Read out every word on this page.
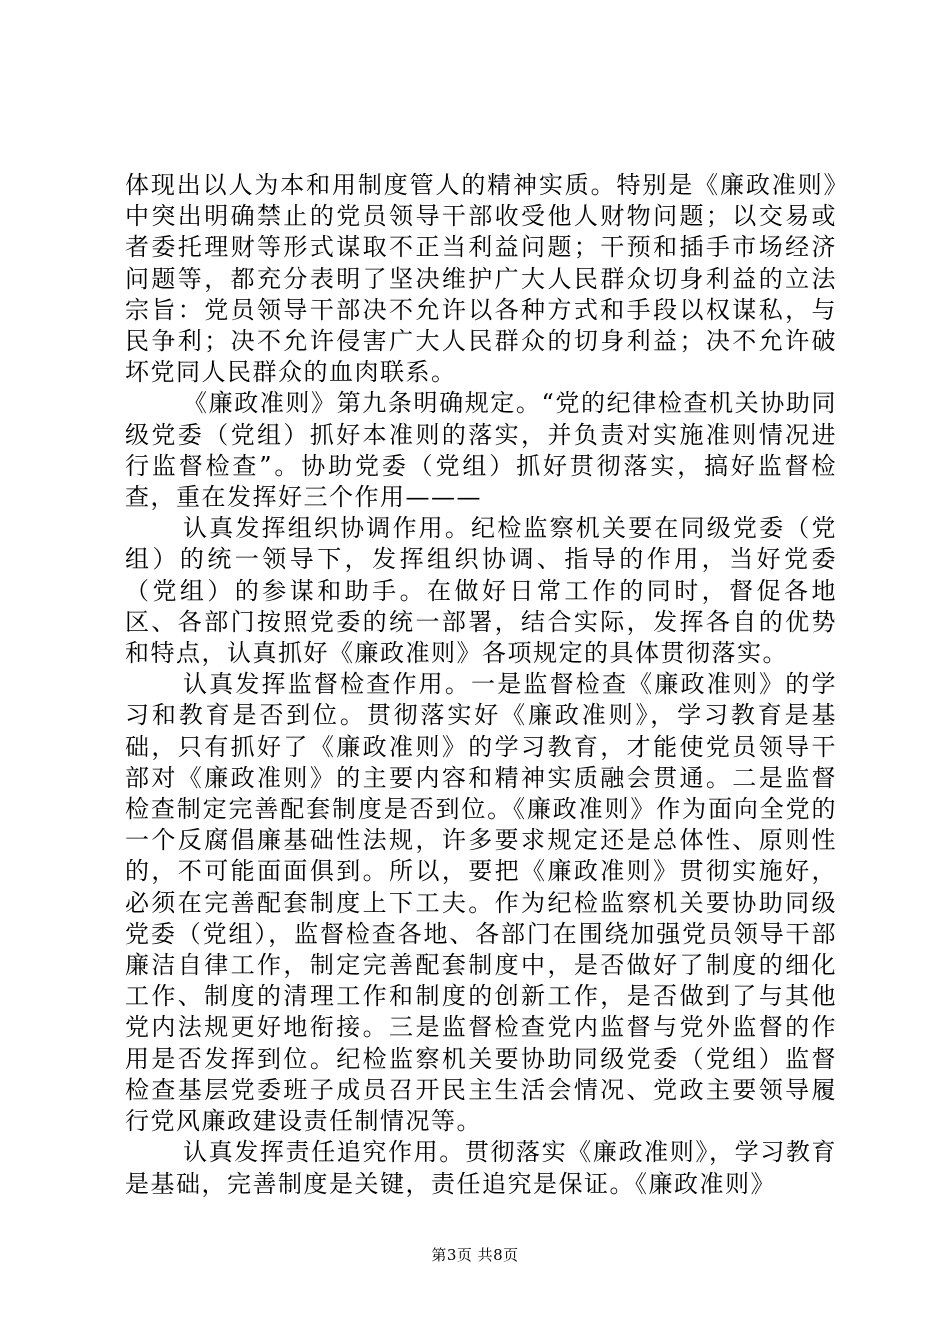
体现出以人为本和用制度管人的精神实质。特别是《廉政准则》中突出明确禁止的党员领导干部收受他人财物问题；以交易或者委托理财等形式谋取不正当利益问题；干预和插手市场经济问题等，都充分表明了坚决维护广大人民群众切身利益的立法宗旨：党员领导干部决不允许以各种方式和手段以权谋私，与民争利；决不允许侵害广大人民群众的切身利益；决不允许破坏党同人民群众的血肉联系。

《廉政准则》第九条明确规定。“党的纪律检查机关协助同级党委（党组）抓好本准则的落实，并负责对实施准则情况进行监督检查”。协助党委（党组）抓好贯彻落实，搞好监督检查，重在发挥好三个作用———

认真发挥组织协调作用。纪检监察机关要在同级党委（党组）的统一领导下，发挥组织协调、指导的作用，当好党委（党组）的参谋和助手。在做好日常工作的同时，督促各地区、各部门按照党委的统一部署，结合实际，发挥各自的优势和特点，认真抓好《廉政准则》各项规定的具体贯彻落实。

认真发挥监督检查作用。一是监督检查《廉政准则》的学习和教育是否到位。贯彻落实好《廉政准则》，学习教育是基础，只有抓好了《廉政准则》的学习教育，才能使党员领导干部对《廉政准则》的主要内容和精神实质融会贯通。二是监督检查制定完善配套制度是否到位。《廉政准则》作为面向全党的一个反腐倡廉基础性法规，许多要求规定还是总体性、原则性的，不可能面面俱到。所以，要把《廉政准则》贯彻实施好，必须在完善配套制度上下工夫。作为纪检监察机关要协助同级党委（党组），监督检查各地、各部门在围绕加强党员领导干部廉洁自律工作，制定完善配套制度中，是否做好了制度的细化工作、制度的清理工作和制度的创新工作，是否做到了与其他党内法规更好地衔接。三是监督检查党内监督与党外监督的作用是否发挥到位。纪检监察机关要协助同级党委（党组）监督检查基层党委班子成员召开民主生活会情况、党政主要领导履行党风廉政建设责任制情况等。

认真发挥责任追究作用。贯彻落实《廉政准则》，学习教育是基础，完善制度是关键，责任追究是保证。《廉政准则》

第3页 共8页
